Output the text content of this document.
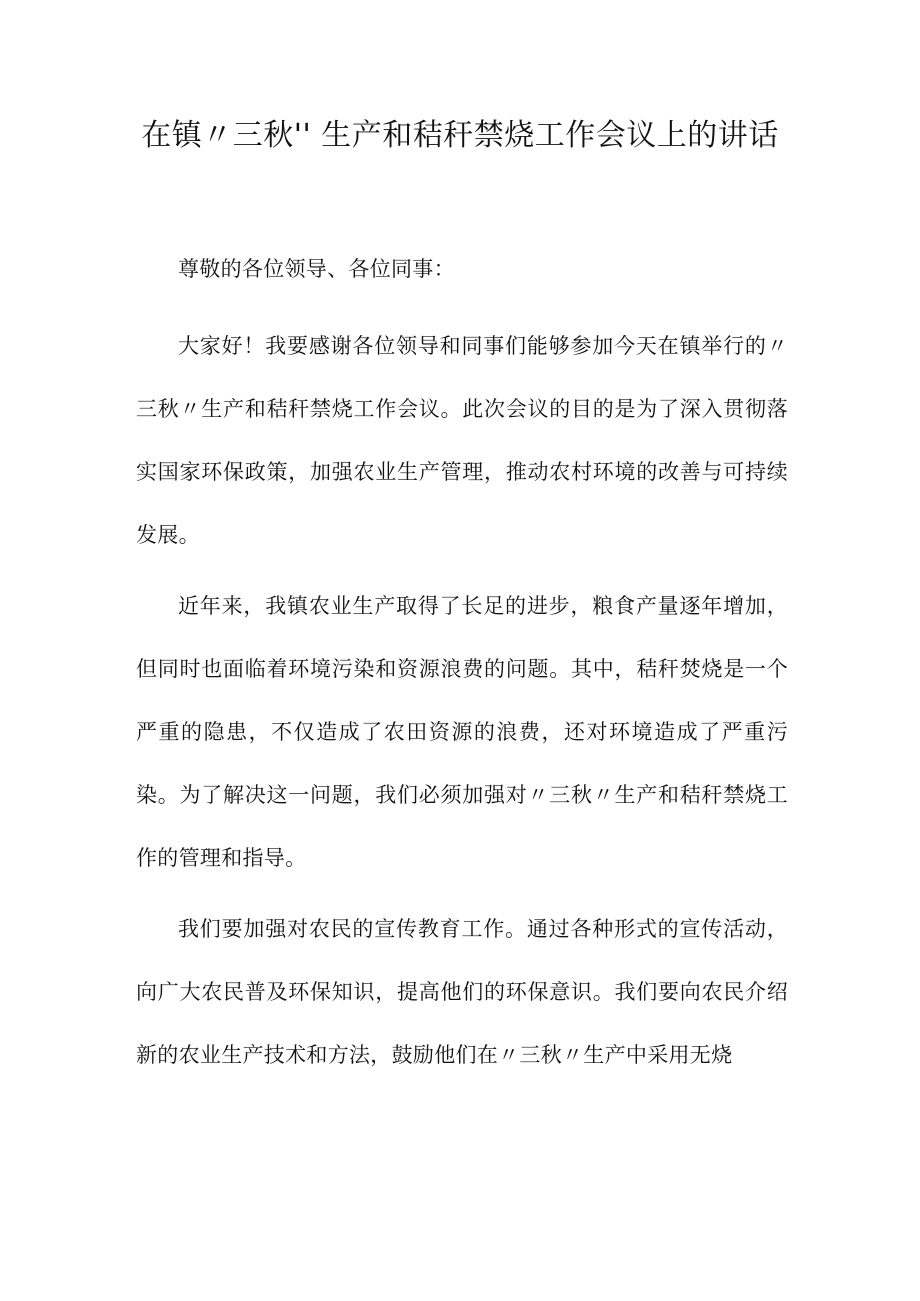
在镇〃三秋'' 生产和秸秆禁烧工作会议上的讲话

尊敬的各位领导、各位同事：

大家好！我要感谢各位领导和同事们能够参加今天在镇举行的〃三秋〃生产和秸秆禁烧工作会议。此次会议的目的是为了深入贯彻落实国家环保政策，加强农业生产管理，推动农村环境的改善与可持续发展。

近年来，我镇农业生产取得了长足的进步，粮食产量逐年增加，但同时也面临着环境污染和资源浪费的问题。其中，秸秆焚烧是一个严重的隐患，不仅造成了农田资源的浪费，还对环境造成了严重污染。为了解决这一问题，我们必须加强对〃三秋〃生产和秸秆禁烧工作的管理和指导。

我们要加强对农民的宣传教育工作。通过各种形式的宣传活动，向广大农民普及环保知识，提高他们的环保意识。我们要向农民介绍新的农业生产技术和方法，鼓励他们在〃三秋〃生产中采用无烧
